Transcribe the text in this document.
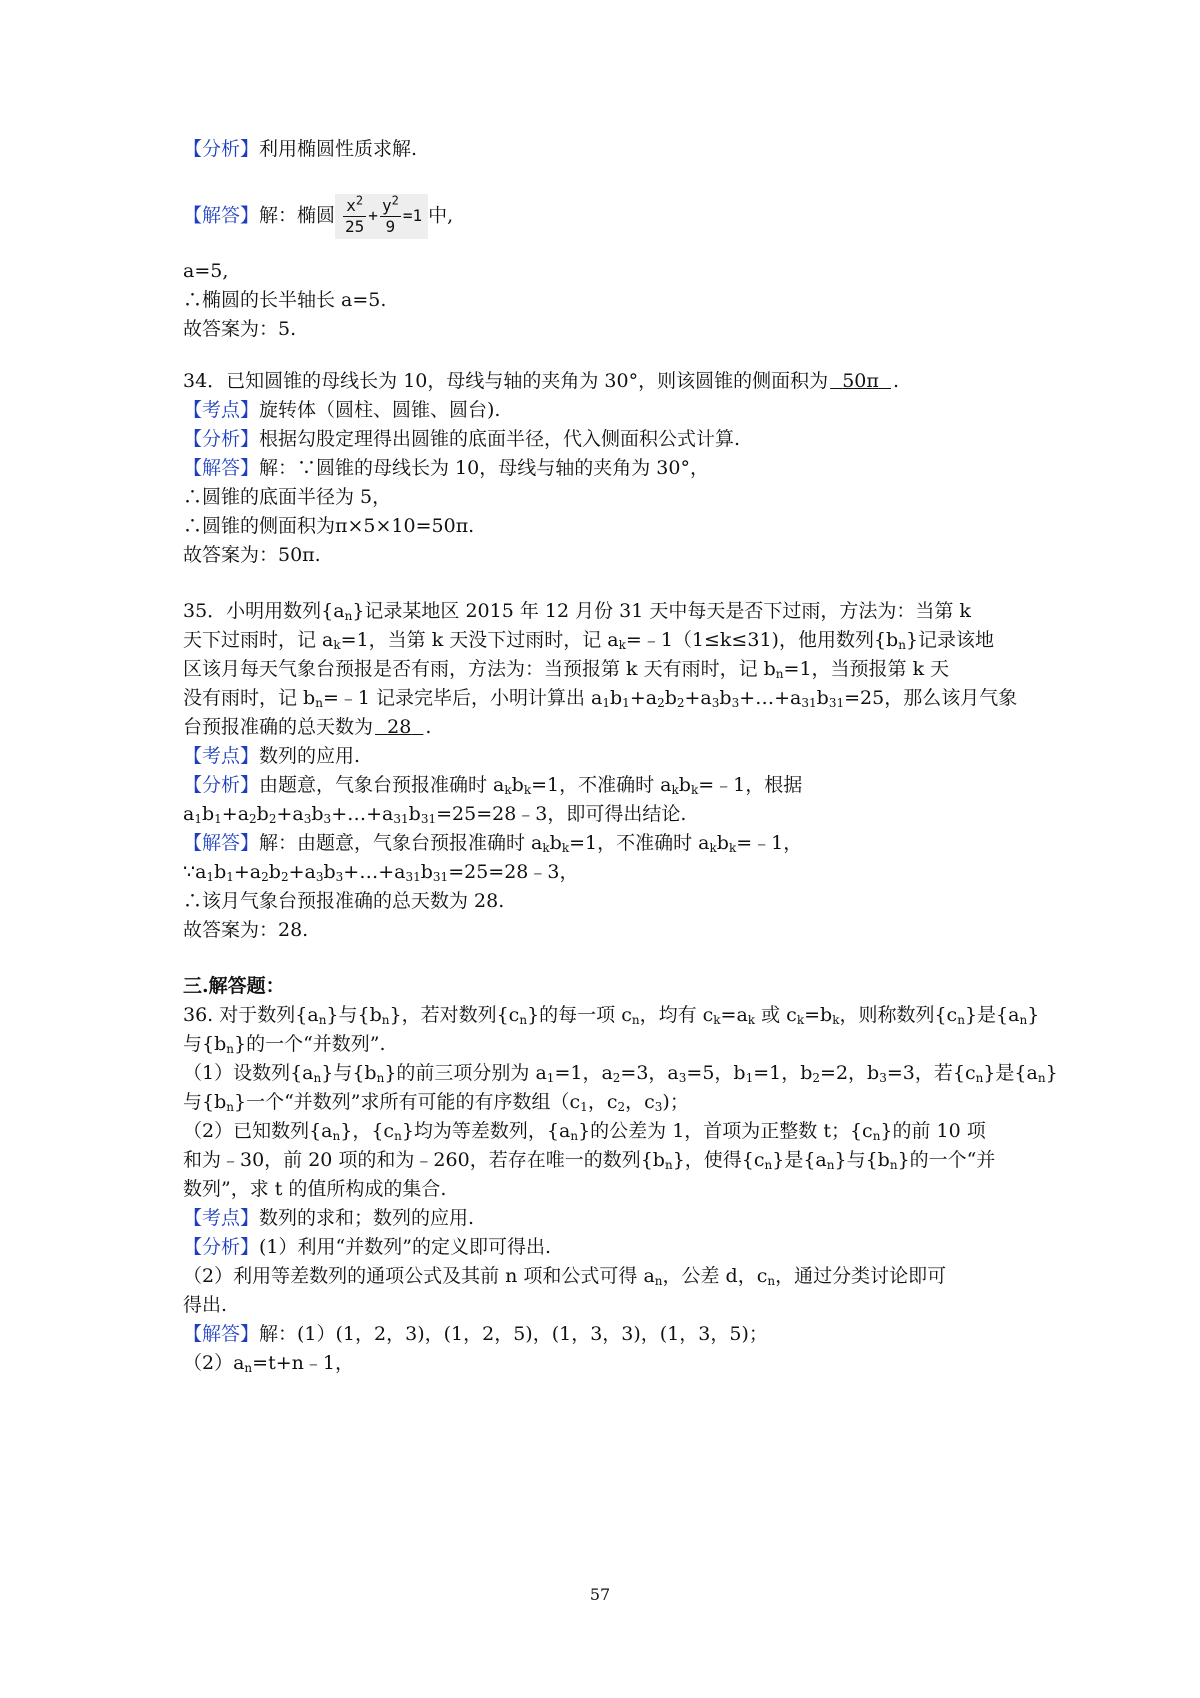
【分析】利用椭圆性质求解.
【解答】解：椭圆 $\frac{x^2}{25} + \frac{y^2}{9} =1$ 中,
a=5,
∴椭圆的长半轴长 a=5.
故答案为：5.
34．已知圆锥的母线长为 10，母线与轴的夹角为 30°，则该圆锥的侧面积为 50π .
【考点】旋转体（圆柱、圆锥、圆台).
【分析】根据勾股定理得出圆锥的底面半径，代入侧面积公式计算.
【解答】解：∵圆锥的母线长为 10，母线与轴的夹角为 30°，
∴圆锥的底面半径为 5，
∴圆锥的侧面积为π×5×10=50π.
故答案为：50π.
35．小明用数列$\{a_n\}$记录某地区 2015 年 12 月份 31 天中每天是否下过雨，方法为：当第 k
天下过雨时，记 $a_k=1$，当第 k 天没下过雨时，记 $a_k=﹣1(1\le k\le 31)$，他用数列$\{b_n\}$记录该地
区该月每天气象台预报是否有雨，方法为：当预报第 k 天有雨时，记 $b_n=1$，当预报第 k 天
没有雨时，记 $b_n=﹣1$ 记录完毕后，小明计算出 $a_1b_1+a_2b_2+a_3b_3+\dots+a_{31}b_{31}=25$，那么该月气象
台预报准确的总天数为 28 .
【考点】数列的应用.
【分析】由题意，气象台预报准确时 $a_kb_k=1$，不准确时 $a_kb_k=﹣1$，根据
$a_1b_1+a_2b_2+a_3b_3+\dots+a_{31}b_{31}=25=28﹣3$，即可得出结论.
【解答】解：由题意，气象台预报准确时 $a_kb_k=1$，不准确时 $a_kb_k=﹣1$，
$\because a_1b_1+a_2b_2+a_3b_3+\dots+a_{31}b_{31}=25=28﹣3$，
∴该月气象台预报准确的总天数为 28.
故答案为：28.
三.解答题：
36. 对于数列$\{a_n\}$与$\{b_n\}$，若对数列$\{c_n\}$的每一项 $c_n$，均有 $c_k=a_k$ 或 $c_k=b_k$，则称数列$\{c_n\}$是$\{a_n\}$
与$\{b_n\}$的一个“并数列”.
（1）设数列$\{a_n\}$与$\{b_n\}$的前三项分别为 $a_1=1$，$a_2=3$，$a_3=5$，$b_1=1$，$b_2=2$，$b_3=3$，若$\{c_n\}$是$\{a_n\}$
与$\{b_n\}$一个“并数列”求所有可能的有序数组（$c_1$，$c_2$，$c_3$)；
（2）已知数列$\{a_n\}$，$\{c_n\}$均为等差数列，$\{a_n\}$的公差为 1，首项为正整数 t；$\{c_n\}$的前 10 项
和为﹣30，前 20 项的和为﹣260，若存在唯一的数列$\{b_n\}$，使得$\{c_n\}$是$\{a_n\}$与$\{b_n\}$的一个“并
数列”，求 t 的值所构成的集合.
【考点】数列的求和；数列的应用.
【分析】(1）利用“并数列”的定义即可得出.
（2）利用等差数列的通项公式及其前 n 项和公式可得 $a_n$，公差 d，$c_n$，通过分类讨论即可
得出.
【解答】解：(1）(1，2，3)，(1，2，5)，(1，3，3)，(1，3，5)；
$(2)a_n=t+n﹣1$，
57
